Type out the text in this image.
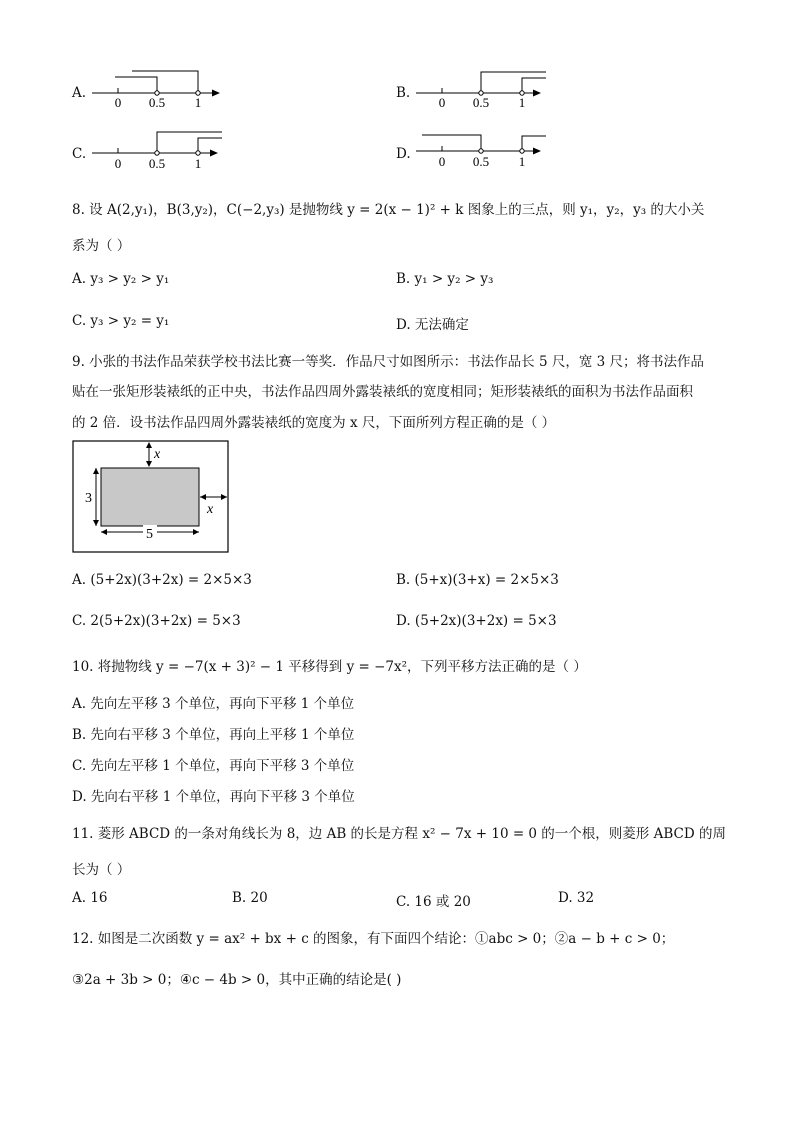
A.
0 0.5 1
B.
0 0.5 1
C.
0 0.5 1
D. 0 0.5 1
8. 设 A(2,y₁)，B(3,y₂)，C(−2,y₃) 是抛物线 y = 2(x − 1)² + k 图象上的三点，则 y₁，y₂，y₃ 的大小关
系为（ ）
A. y₃ > y₂ > y₁	B. y₁ > y₂ > y₃
C. y₃ > y₂ = y₁	D. 无法确定
9. 小张的书法作品荣获学校书法比赛一等奖．作品尺寸如图所示：书法作品长 5 尺，宽 3 尺；将书法作品
贴在一张矩形装裱纸的正中央，书法作品四周外露装裱纸的宽度相同；矩形装裱纸的面积为书法作品面积
的 2 倍．设书法作品四周外露装裱纸的宽度为 x 尺，下面所列方程正确的是（ ）
x
x
3
5
A. (5+2x)(3+2x) = 2×5×3	B. (5+x)(3+x) = 2×5×3
C. 2(5+2x)(3+2x) = 5×3	D. (5+2x)(3+2x) = 5×3
10. 将抛物线 y = −7(x + 3)² − 1 平移得到 y = −7x²，下列平移方法正确的是（ ）
A. 先向左平移 3 个单位，再向下平移 1 个单位
B. 先向右平移 3 个单位，再向上平移 1 个单位
C. 先向左平移 1 个单位，再向下平移 3 个单位
D. 先向右平移 1 个单位，再向下平移 3 个单位
11. 菱形 ABCD 的一条对角线长为 8，边 AB 的长是方程 x² − 7x + 10 = 0 的一个根，则菱形 ABCD 的周
长为（ ）
A. 16	B. 20	C. 16 或 20	D. 32
12. 如图是二次函数 y = ax² + bx + c 的图象，有下面四个结论：①abc > 0；②a − b + c > 0；
③2a + 3b > 0；④c − 4b > 0，其中正确的结论是( )
